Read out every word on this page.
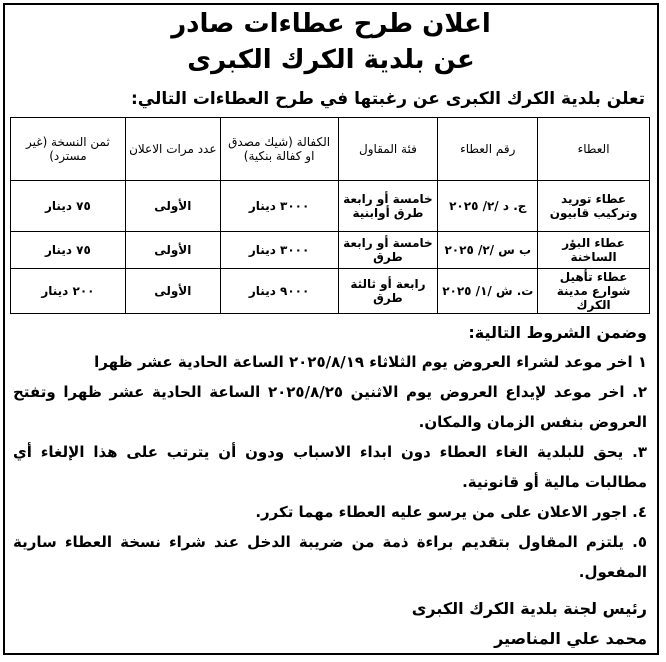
اعلان طرح عطاءات صادر
عن بلدية الكرك الكبرى
تعلن بلدية الكرك الكبرى عن رغبتها في طرح العطاءات التالي:
العطاء	رقم العطاء	فئة المقاول	الكفالة (شيك مصدق او كفالة بنكية)	عدد مرات الاعلان	ثمن النسخة (غير مسترد)
عطاء توريد وتركيب قابيون	ج. د /٢/ ٢٠٢٥	خامسة أو رابعة طرق أوابنية	٣٠٠٠ دينار	الأولى	٧٥ دينار
عطاء البؤر الساخنة	ب س /٢/ ٢٠٢٥	خامسة أو رابعة طرق	٣٠٠٠ دينار	الأولى	٧٥ دينار
عطاء تأهيل شوارع مدينة الكرك	ت. ش /١/ ٢٠٢٥	رابعة أو ثالثة طرق	٩٠٠٠ دينار	الأولى	٢٠٠ دينار
وضمن الشروط التالية:

١ اخر موعد لشراء العروض يوم الثلاثاء ٢٠٢٥/٨/١٩ الساعة الحادية عشر ظهرا

٢. اخر موعد لإيداع العروض يوم الاثنين ٢٠٢٥/٨/٢٥ الساعة الحادية عشر ظهرا وتفتح العروض بنفس الزمان والمكان.

٣. يحق للبلدية الغاء العطاء دون ابداء الاسباب ودون أن يترتب على هذا الإلغاء أي مطالبات مالية أو قانونية.

٤. اجور الاعلان على من يرسو عليه العطاء مهما تكرر.

٥. يلتزم المقاول بتقديم براءة ذمة من ضريبة الدخل عند شراء نسخة العطاء سارية المفعول.

رئيس لجنة بلدية الكرك الكبرى
محمد علي المناصير
